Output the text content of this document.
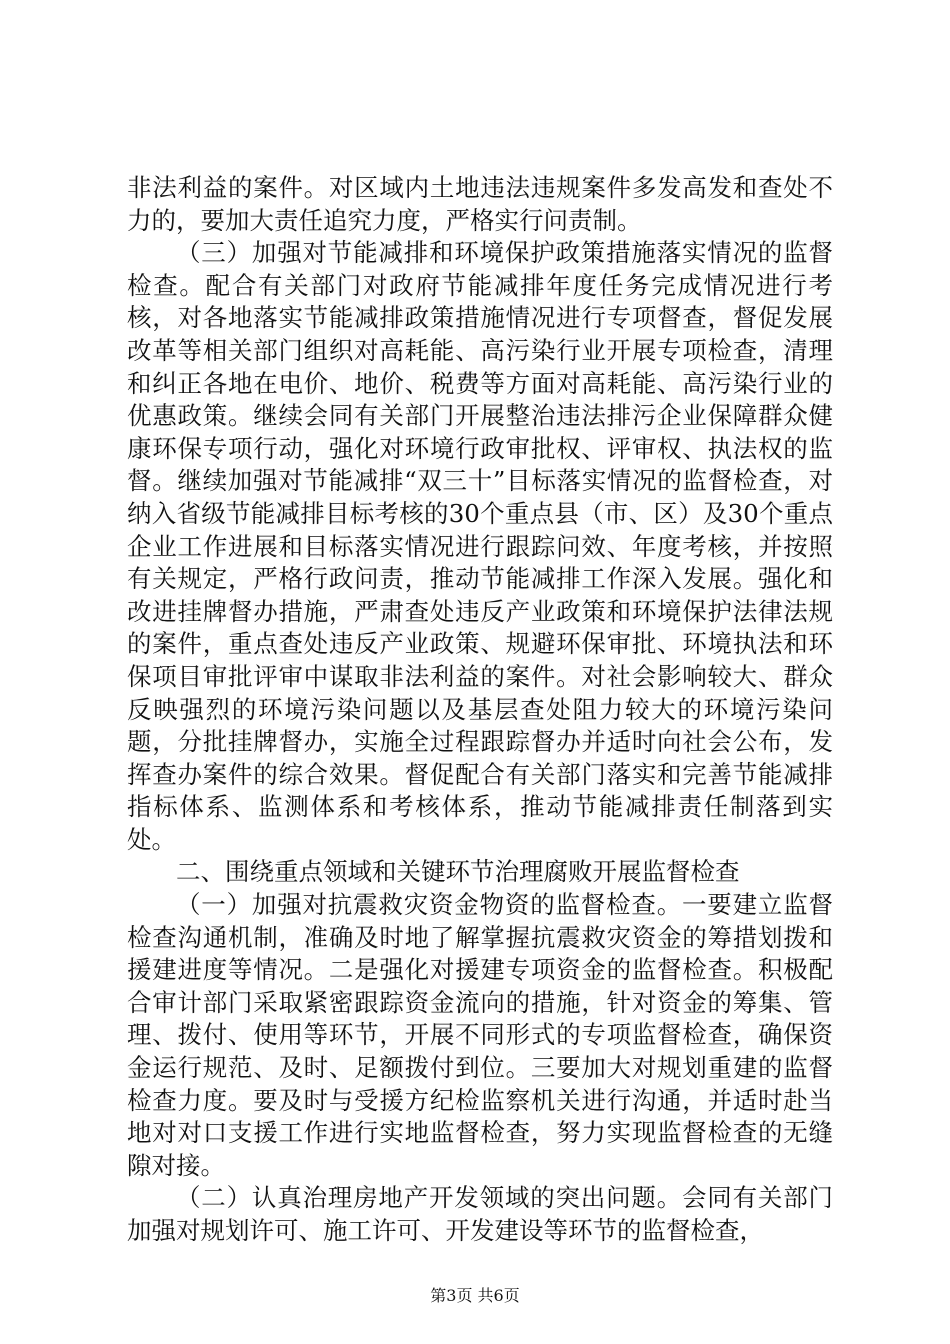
非法利益的案件。对区域内土地违法违规案件多发高发和查处不力的，要加大责任追究力度，严格实行问责制。

（三）加强对节能减排和环境保护政策措施落实情况的监督检查。配合有关部门对政府节能减排年度任务完成情况进行考核，对各地落实节能减排政策措施情况进行专项督查，督促发展改革等相关部门组织对高耗能、高污染行业开展专项检查，清理和纠正各地在电价、地价、税费等方面对高耗能、高污染行业的优惠政策。继续会同有关部门开展整治违法排污企业保障群众健康环保专项行动，强化对环境行政审批权、评审权、执法权的监督。继续加强对节能减排“双三十”目标落实情况的监督检查，对纳入省级节能减排目标考核的30个重点县（市、区）及30个重点企业工作进展和目标落实情况进行跟踪问效、年度考核，并按照有关规定，严格行政问责，推动节能减排工作深入发展。强化和改进挂牌督办措施，严肃查处违反产业政策和环境保护法律法规的案件，重点查处违反产业政策、规避环保审批、环境执法和环保项目审批评审中谋取非法利益的案件。对社会影响较大、群众反映强烈的环境污染问题以及基层查处阻力较大的环境污染问题，分批挂牌督办，实施全过程跟踪督办并适时向社会公布，发挥查办案件的综合效果。督促配合有关部门落实和完善节能减排指标体系、监测体系和考核体系，推动节能减排责任制落到实处。

二、围绕重点领域和关键环节治理腐败开展监督检查

（一）加强对抗震救灾资金物资的监督检查。一要建立监督检查沟通机制，准确及时地了解掌握抗震救灾资金的筹措划拨和援建进度等情况。二是强化对援建专项资金的监督检查。积极配合审计部门采取紧密跟踪资金流向的措施，针对资金的筹集、管理、拨付、使用等环节，开展不同形式的专项监督检查，确保资金运行规范、及时、足额拨付到位。三要加大对规划重建的监督检查力度。要及时与受援方纪检监察机关进行沟通，并适时赴当地对对口支援工作进行实地监督检查，努力实现监督检查的无缝隙对接。

（二）认真治理房地产开发领域的突出问题。会同有关部门加强对规划许可、施工许可、开发建设等环节的监督检查，

第3页 共6页
